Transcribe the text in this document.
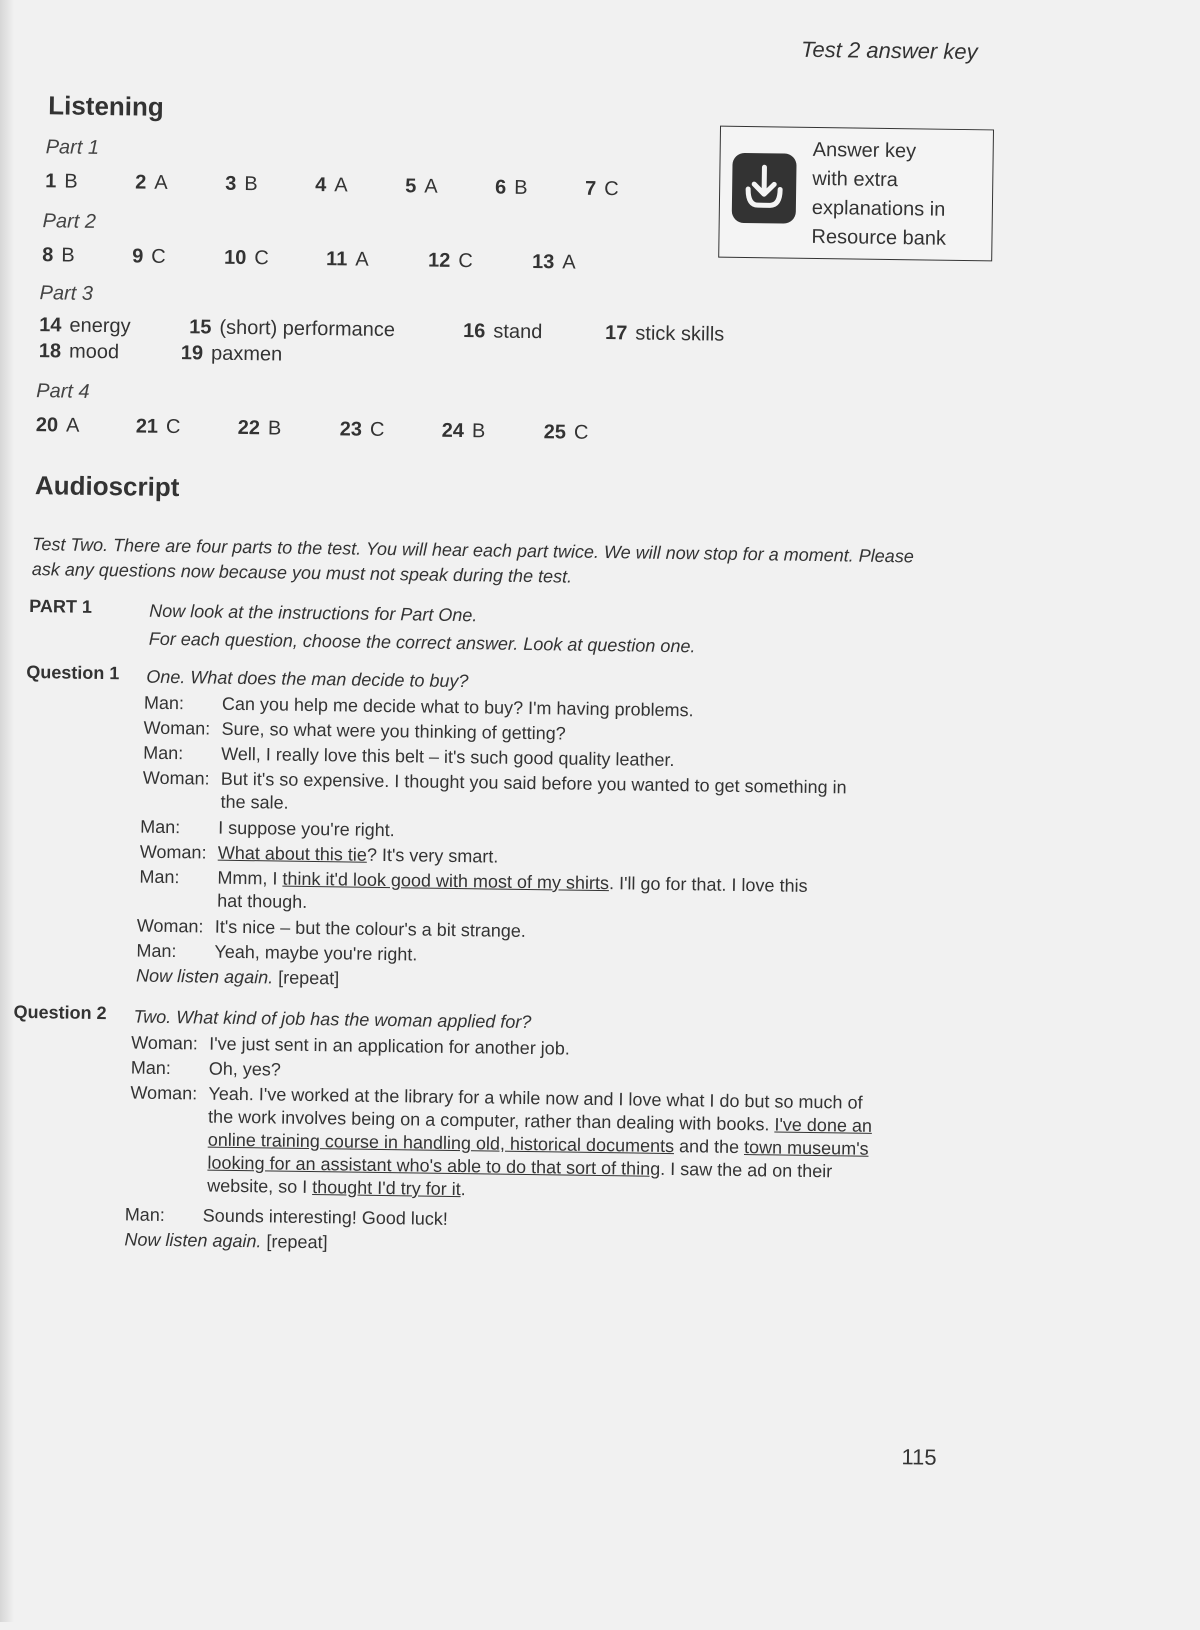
Test 2 answer key
Listening
Part 1
1 B	2 A	3 B	4 A	5 A	6 B	7 C
Part 2
8 B	9 C	10 C	11 A	12 C	13 A
Part 3
14 energy	15 (short) performance	16 stand	17 stick skills
18 mood	19 paxmen
Part 4
20 A	21 C	22 B	23 C	24 B	25 C
Answer key
with extra
explanations in
Resource bank
Audioscript
Test Two. There are four parts to the test. You will hear each part twice. We will now stop for a moment. Please ask any questions now because you must not speak during the test.
PART 1	Now look at the instructions for Part One.
For each question, choose the correct answer. Look at question one.
Question 1 One. What does the man decide to buy?
Man: Can you help me decide what to buy? I'm having problems.
Woman: Sure, so what were you thinking of getting?
Man: Well, I really love this belt – it's such good quality leather.
Woman: But it's so expensive. I thought you said before you wanted to get something in
the sale.
Man: I suppose you're right.
Woman: What about this tie? It's very smart.
Man: Mmm, I think it'd look good with most of my shirts. I'll go for that. I love this
hat though.
Woman: It's nice – but the colour's a bit strange.
Man: Yeah, maybe you're right.
Now listen again. [repeat]
Question 2 Two. What kind of job has the woman applied for?
Woman: I've just sent in an application for another job.
Man: Oh, yes?
Woman: Yeah. I've worked at the library for a while now and I love what I do but so much of
the work involves being on a computer, rather than dealing with books. I've done an
online training course in handling old, historical documents and the town museum's
looking for an assistant who's able to do that sort of thing. I saw the ad on their
website, so I thought I'd try for it.
Man: Sounds interesting! Good luck!
Now listen again. [repeat]
115
